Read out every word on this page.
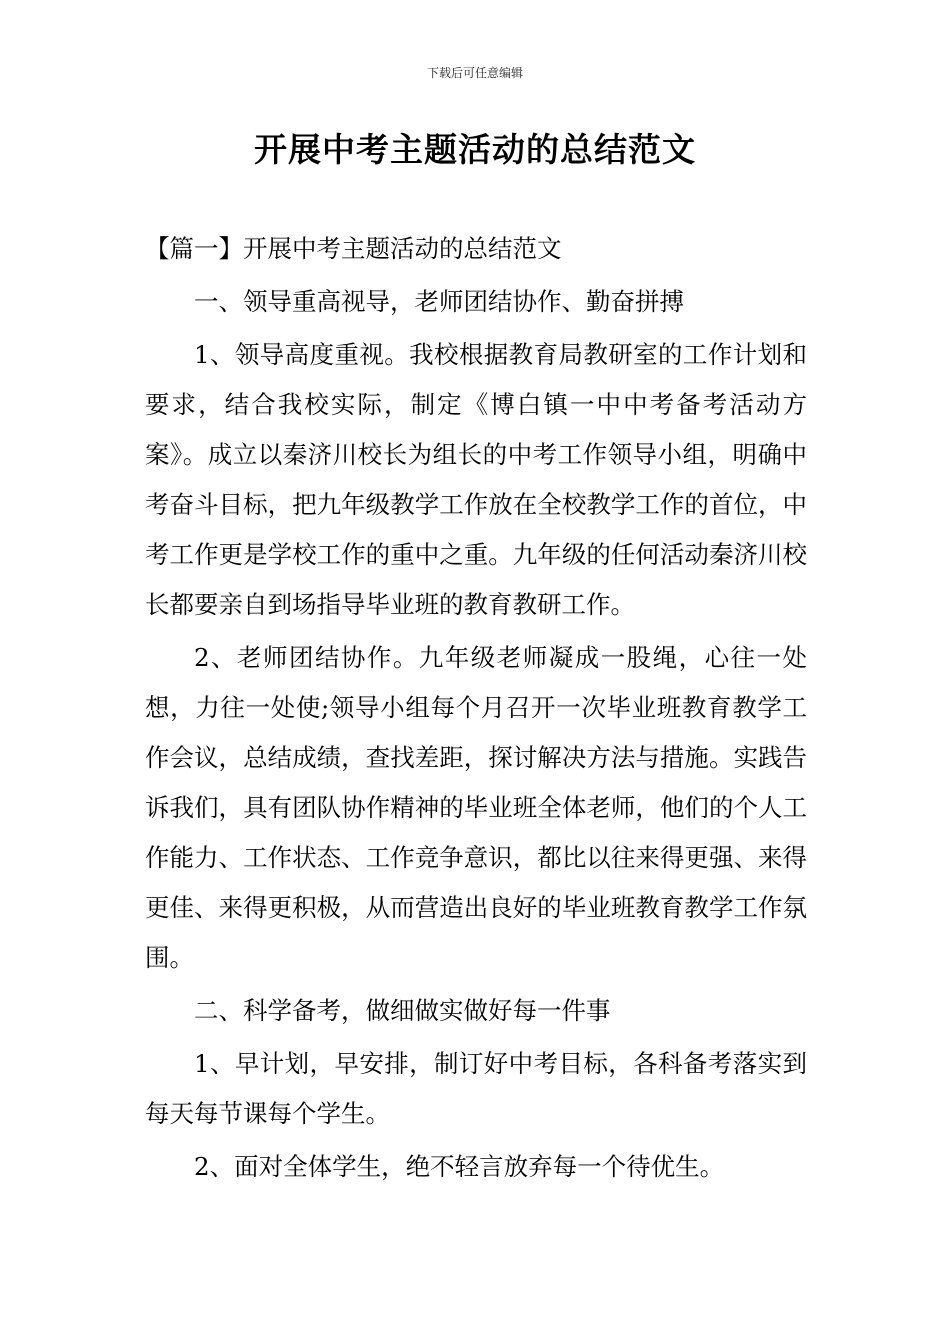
下载后可任意编辑
开展中考主题活动的总结范文

【篇一】开展中考主题活动的总结范文

一、领导重高视导，老师团结协作、勤奋拼搏

1、领导高度重视。我校根据教育局教研室的工作计划和要求，结合我校实际，制定《博白镇一中中考备考活动方案》。成立以秦济川校长为组长的中考工作领导小组，明确中考奋斗目标，把九年级教学工作放在全校教学工作的首位，中考工作更是学校工作的重中之重。九年级的任何活动秦济川校长都要亲自到场指导毕业班的教育教研工作。

2、老师团结协作。九年级老师凝成一股绳，心往一处想，力往一处使;领导小组每个月召开一次毕业班教育教学工作会议，总结成绩，查找差距，探讨解决方法与措施。实践告诉我们，具有团队协作精神的毕业班全体老师，他们的个人工作能力、工作状态、工作竞争意识，都比以往来得更强、来得更佳、来得更积极，从而营造出良好的毕业班教育教学工作氛围。

二、科学备考，做细做实做好每一件事

1、早计划，早安排，制订好中考目标，各科备考落实到每天每节课每个学生。

2、面对全体学生，绝不轻言放弃每一个待优生。
